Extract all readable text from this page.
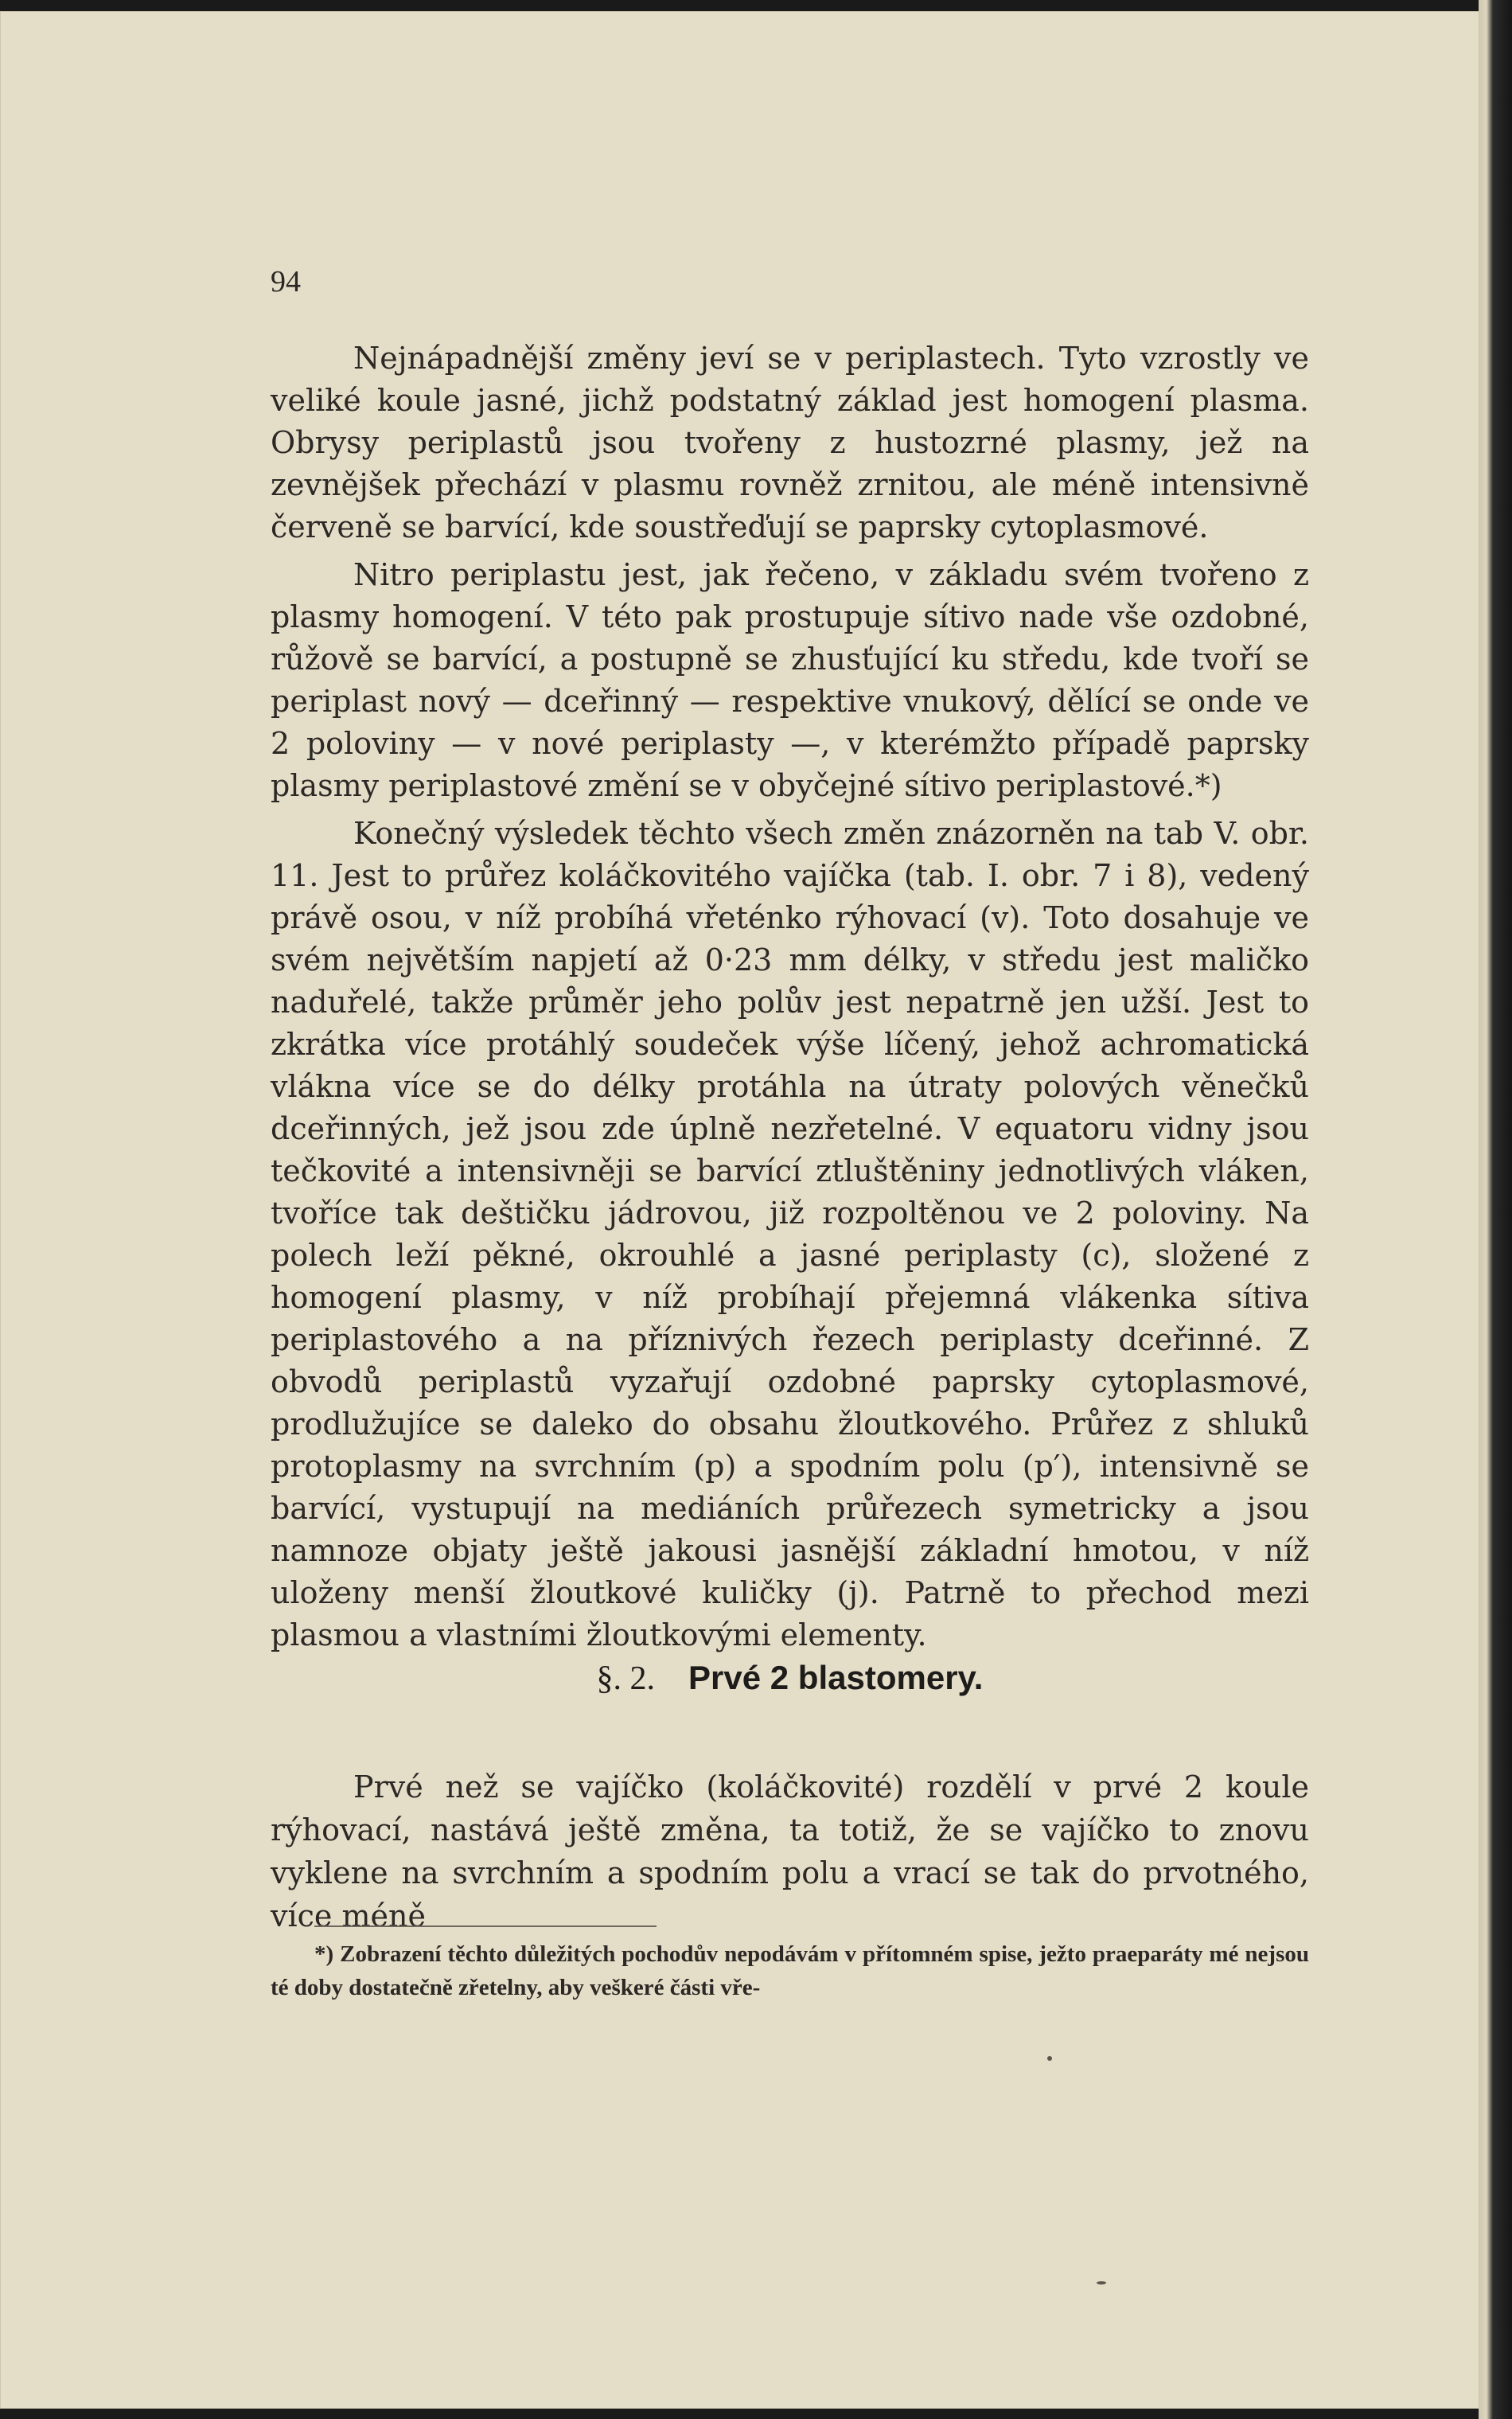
94

Nejnápadnější změny jeví se v periplastech. Tyto vzrostly ve veliké koule jasné, jichž podstatný základ jest homogení plasma. Obrysy periplastů jsou tvořeny z hustozrné plasmy, jež na zevnějšek přechází v plasmu rovněž zrnitou, ale méně intensivně červeně se barvící, kde soustřeďují se paprsky cytoplasmové.

Nitro periplastu jest, jak řečeno, v základu svém tvořeno z plasmy homogení. V této pak prostupuje sítivo nade vše ozdobné, růžově se barvící, a postupně se zhusťující ku středu, kde tvoří se periplast nový — dceřinný — respektive vnukový, dělící se onde ve 2 poloviny — v nové periplasty —, v kterémžto případě paprsky plasmy periplastové změní se v obyčejné sítivo periplastové.*)

Konečný výsledek těchto všech změn znázorněn na tab V. obr. 11. Jest to průřez koláčkovitého vajíčka (tab. I. obr. 7 i 8), vedený právě osou, v níž probíhá vřeténko rýhovací (v). Toto dosahuje ve svém největším napjetí až 0·23 mm délky, v středu jest maličko naduřelé, takže průměr jeho polův jest nepatrně jen užší. Jest to zkrátka více protáhlý soudeček výše líčený, jehož achromatická vlákna více se do délky protáhla na útraty polových věnečků dceřinných, jež jsou zde úplně nezřetelné. V equatoru vidny jsou tečkovité a intensivněji se barvící ztluštěniny jednotlivých vláken, tvoříce tak deštičku jádrovou, již rozpoltěnou ve 2 poloviny. Na polech leží pěkné, okrouhlé a jasné periplasty (c), složené z homogení plasmy, v níž probíhají přejemná vlákenka sítiva periplastového a na příznivých řezech periplasty dceřinné. Z obvodů periplastů vyzařují ozdobné paprsky cytoplasmové, prodlužujíce se daleko do obsahu žloutkového. Průřez z shluků protoplasmy na svrchním (p) a spodním polu (p′), intensivně se barvící, vystupují na mediáních průřezech symetricky a jsou namnoze objaty ještě jakousi jasnější základní hmotou, v níž uloženy menší žloutkové kuličky (j). Patrně to přechod mezi plasmou a vlastními žloutkovými elementy.

§. 2. Prvé 2 blastomery.

Prvé než se vajíčko (koláčkovité) rozdělí v prvé 2 koule rýhovací, nastává ještě změna, ta totiž, že se vajíčko to znovu vyklene na svrchním a spodním polu a vrací se tak do prvotného, více méně

*) Zobrazení těchto důležitých pochodův nepodávám v přítomném spise, ježto praeparáty mé nejsou té doby dostatečně zřetelny, aby veškeré části vře-
